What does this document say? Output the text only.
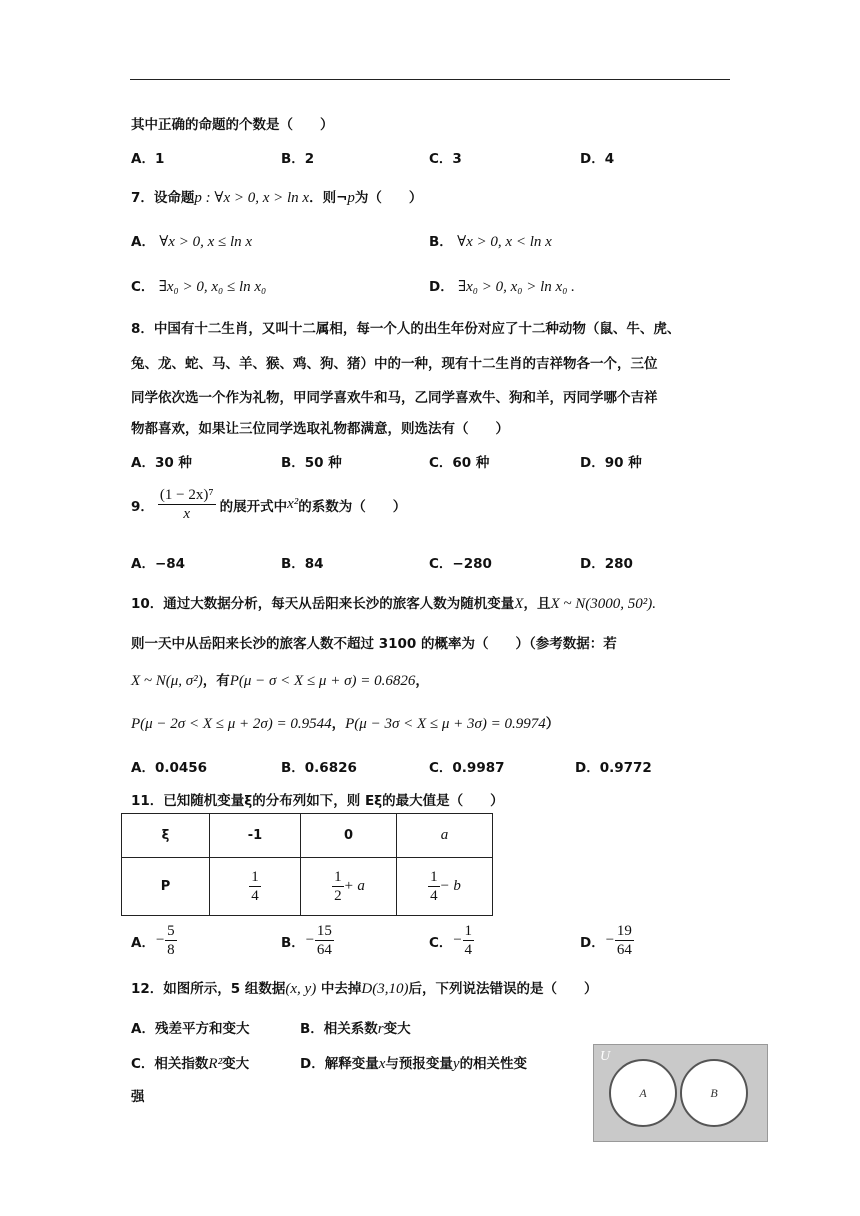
其中正确的命题的个数是（　　）
A．1	B．2	C．3	D．4
7．设命题p : ∀x > 0, x > ln x．则¬p为（　　）
A． ∀x > 0, x ≤ ln x	B． ∀x > 0, x < ln x
C． ∃x₀ > 0, x₀ ≤ ln x₀	D． ∃x₀ > 0, x₀ > ln x₀ .
8．中国有十二生肖，又叫十二属相，每一个人的出生年份对应了十二种动物（鼠、牛、虎、
兔、龙、蛇、马、羊、猴、鸡、狗、猪）中的一种，现有十二生肖的吉祥物各一个，三位
同学依次选一个作为礼物，甲同学喜欢牛和马，乙同学喜欢牛、狗和羊，丙同学哪个吉祥
物都喜欢，如果让三位同学选取礼物都满意，则选法有（　　）
A．30 种	B．50 种	C．60 种	D．90 种
9． $\frac{\text{(1 − 2x)⁷}}{x}$ 的展开式中 x² 的系数为（　　）
A．−84	B．84	C．−280	D．280
10．通过大数据分析，每天从岳阳来长沙的旅客人数为随机变量X，且X ~ N(3000, 50²).
则一天中从岳阳来长沙的旅客人数不超过 3100 的概率为（　　）（参考数据：若
X ~ N(μ, σ²)，有P(μ − σ < X ≤ μ + σ) = 0.6826，
P(μ − 2σ < X ≤ μ + 2σ) = 0.9544，P(μ − 3σ < X ≤ μ + 3σ) = 0.9974）
A．0.0456	B．0.6826	C．0.9987	D．0.9772
11．已知随机变量ξ的分布列如下，则 Eξ的最大值是（　　）
ξ	-1	0	a
P	$\frac{1}{4}$	$\frac{1}{2} + a$	$\frac{1}{4} - b$
A． − $\frac{5}{8}$	B． − $\frac{15}{64}$	C． − $\frac{1}{4}$	D． − $\frac{19}{64}$
12．如图所示，5 组数据(x, y) 中去掉D(3,10)后，下列说法错误的是（　　）
A．残差平方和变大	B．相关系数r变大
C．相关指数R²变大	D．解释变量x与预报变量y的相关性变
强
U
A	B
